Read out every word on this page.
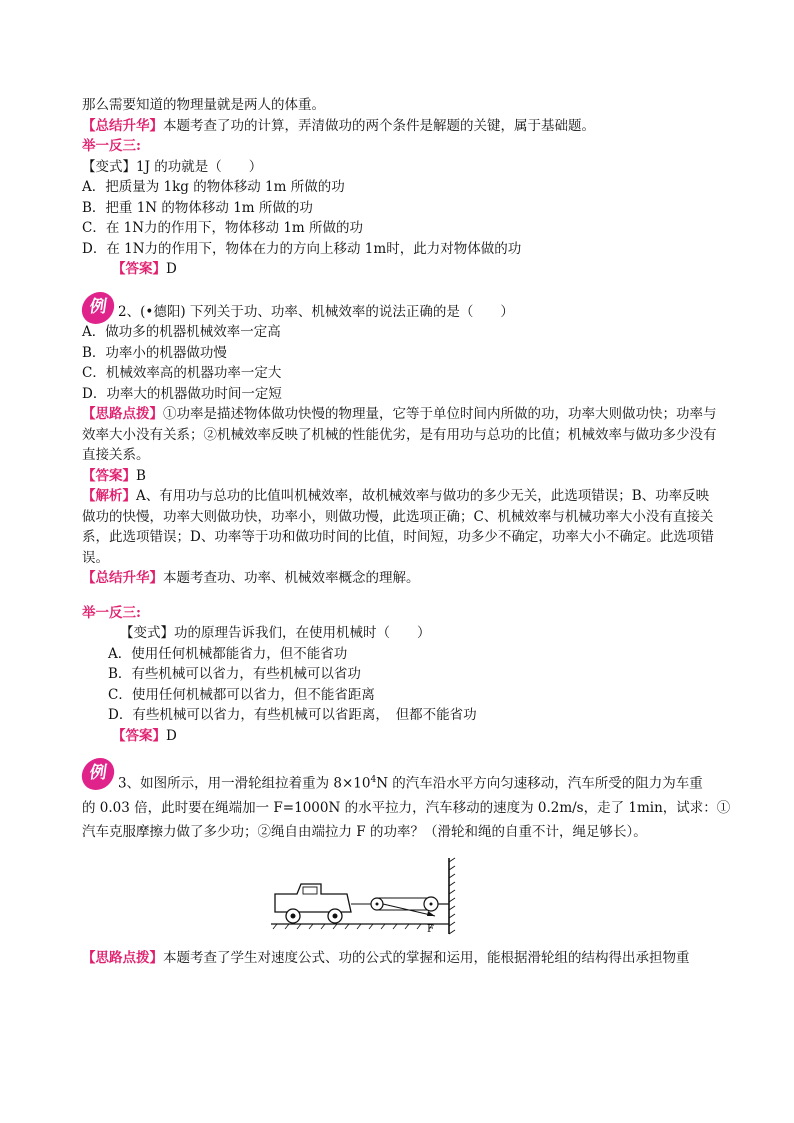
那么需要知道的物理量就是两人的体重。
【总结升华】本题考查了功的计算，弄清做功的两个条件是解题的关键，属于基础题。
举一反三:
【变式】1J 的功就是（　　）
A．把质量为 1kg 的物体移动 1m 所做的功
B．把重 1N 的物体移动 1m 所做的功
C．在 1N力的作用下，物体移动 1m 所做的功
D．在 1N力的作用下，物体在力的方向上移动 1m时，此力对物体做的功
【答案】D
例 2、(•德阳) 下列关于功、功率、机械效率的说法正确的是（　　）
A．做功多的机器机械效率一定高
B．功率小的机器做功慢
C．机械效率高的机器功率一定大
D．功率大的机器做功时间一定短
【思路点拨】①功率是描述物体做功快慢的物理量，它等于单位时间内所做的功，功率大则做功快；功率与效率大小没有关系；②机械效率反映了机械的性能优劣，是有用功与总功的比值；机械效率与做功多少没有直接关系。
【答案】B
【解析】A、有用功与总功的比值叫机械效率，故机械效率与做功的多少无关，此选项错误；B、功率反映做功的快慢，功率大则做功快，功率小，则做功慢，此选项正确；C、机械效率与机械功率大小没有直接关系，此选项错误；D、功率等于功和做功时间的比值，时间短，功多少不确定，功率大小不确定。此选项错误。
【总结升华】本题考查功、功率、机械效率概念的理解。
举一反三:
【变式】功的原理告诉我们，在使用机械时（　　）
A．使用任何机械都能省力，但不能省功
B．有些机械可以省力，有些机械可以省功
C．使用任何机械都可以省力，但不能省距离
D．有些机械可以省力，有些机械可以省距离，　但都不能省功
【答案】D
例
3、如图所示，用一滑轮组拉着重为 $8\times 10^4N$ 的汽车沿水平方向匀速移动，汽车所受的阻力为车重
的 0.03 倍，此时要在绳端加一 F=1000N 的水平拉力，汽车移动的速度为 0.2m/s，走了 1min，试求：①
汽车克服摩擦力做了多少功；②绳自由端拉力 F 的功率？（滑轮和绳的自重不计，绳足够长）。
F
【思路点拨】本题考查了学生对速度公式、功的公式的掌握和运用，能根据滑轮组的结构得出承担物重
